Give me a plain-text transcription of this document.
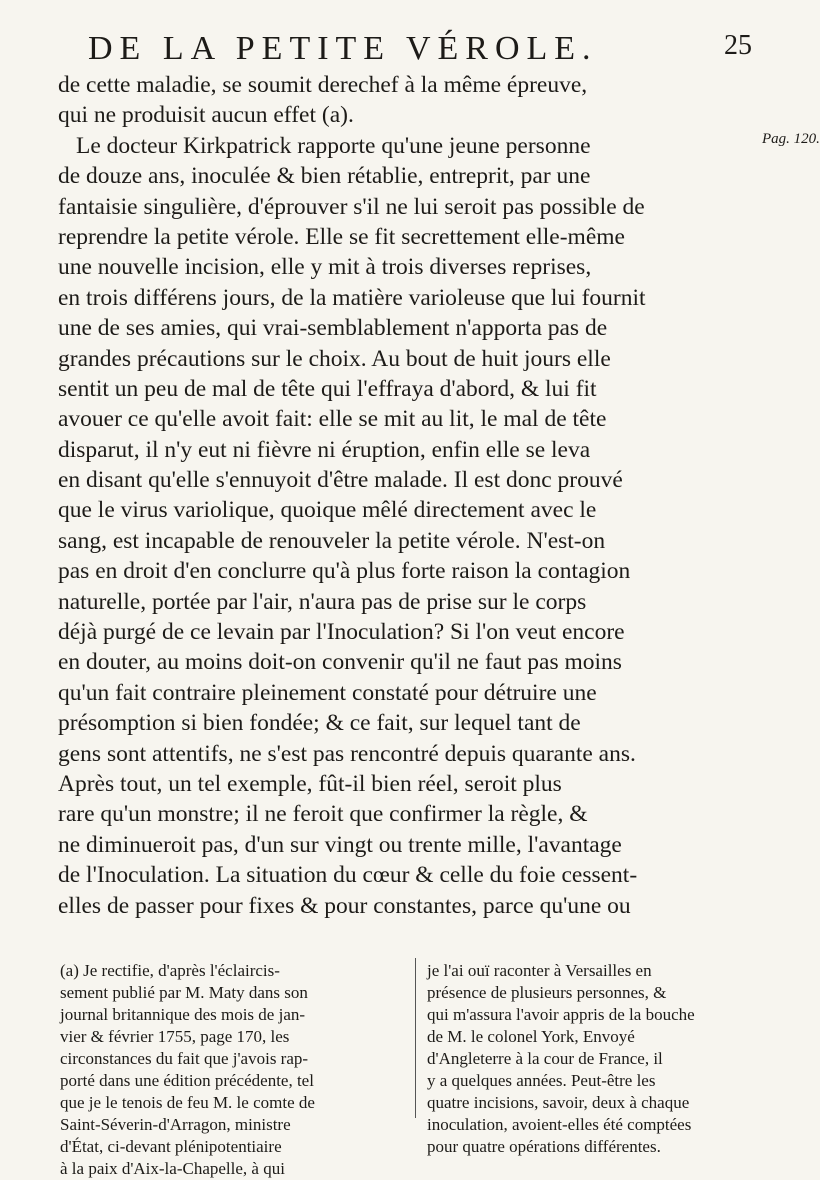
DE LA PETITE VÉROLE.	25
de cette maladie, se soumit derechef à la même épreuve,
qui ne produisit aucun effet (a).
Le docteur Kirkpatrick rapporte qu'une jeune personne
de douze ans, inoculée & bien rétablie, entreprit, par une
fantaisie singulière, d'éprouver s'il ne lui seroit pas possible de
reprendre la petite vérole. Elle se fit secrettement elle-même
une nouvelle incision, elle y mit à trois diverses reprises,
en trois différens jours, de la matière varioleuse que lui fournit
une de ses amies, qui vrai-semblablement n'apporta pas de
grandes précautions sur le choix. Au bout de huit jours elle
sentit un peu de mal de tête qui l'effraya d'abord, & lui fit
avouer ce qu'elle avoit fait: elle se mit au lit, le mal de tête
disparut, il n'y eut ni fièvre ni éruption, enfin elle se leva
en disant qu'elle s'ennuyoit d'être malade. Il est donc prouvé
que le virus variolique, quoique mêlé directement avec le
sang, est incapable de renouveler la petite vérole. N'est-on
pas en droit d'en conclurre qu'à plus forte raison la contagion
naturelle, portée par l'air, n'aura pas de prise sur le corps
déjà purgé de ce levain par l'Inoculation? Si l'on veut encore
en douter, au moins doit-on convenir qu'il ne faut pas moins
qu'un fait contraire pleinement constaté pour détruire une
présomption si bien fondée; & ce fait, sur lequel tant de
gens sont attentifs, ne s'est pas rencontré depuis quarante ans.
Après tout, un tel exemple, fût-il bien réel, seroit plus
rare qu'un monstre; il ne feroit que confirmer la règle, &
ne diminueroit pas, d'un sur vingt ou trente mille, l'avantage
de l'Inoculation. La situation du cœur & celle du foie cessent-
elles de passer pour fixes & pour constantes, parce qu'une ou
Pag. 120.
(a) Je rectifie, d'après l'éclaircis-
sement publié par M. Maty dans son
journal britannique des mois de jan-
vier & février 1755, page 170, les
circonstances du fait que j'avois rap-
porté dans une édition précédente, tel
que je le tenois de feu M. le comte de
Saint-Séverin-d'Arragon, ministre
d'État, ci-devant plénipotentiaire
à la paix d'Aix-la-Chapelle, à qui
je l'ai ouï raconter à Versailles en
présence de plusieurs personnes, &
qui m'assura l'avoir appris de la bouche
de M. le colonel York, Envoyé
d'Angleterre à la cour de France, il
y a quelques années. Peut-être les
quatre incisions, savoir, deux à chaque
inoculation, avoient-elles été comptées
pour quatre opérations différentes.
